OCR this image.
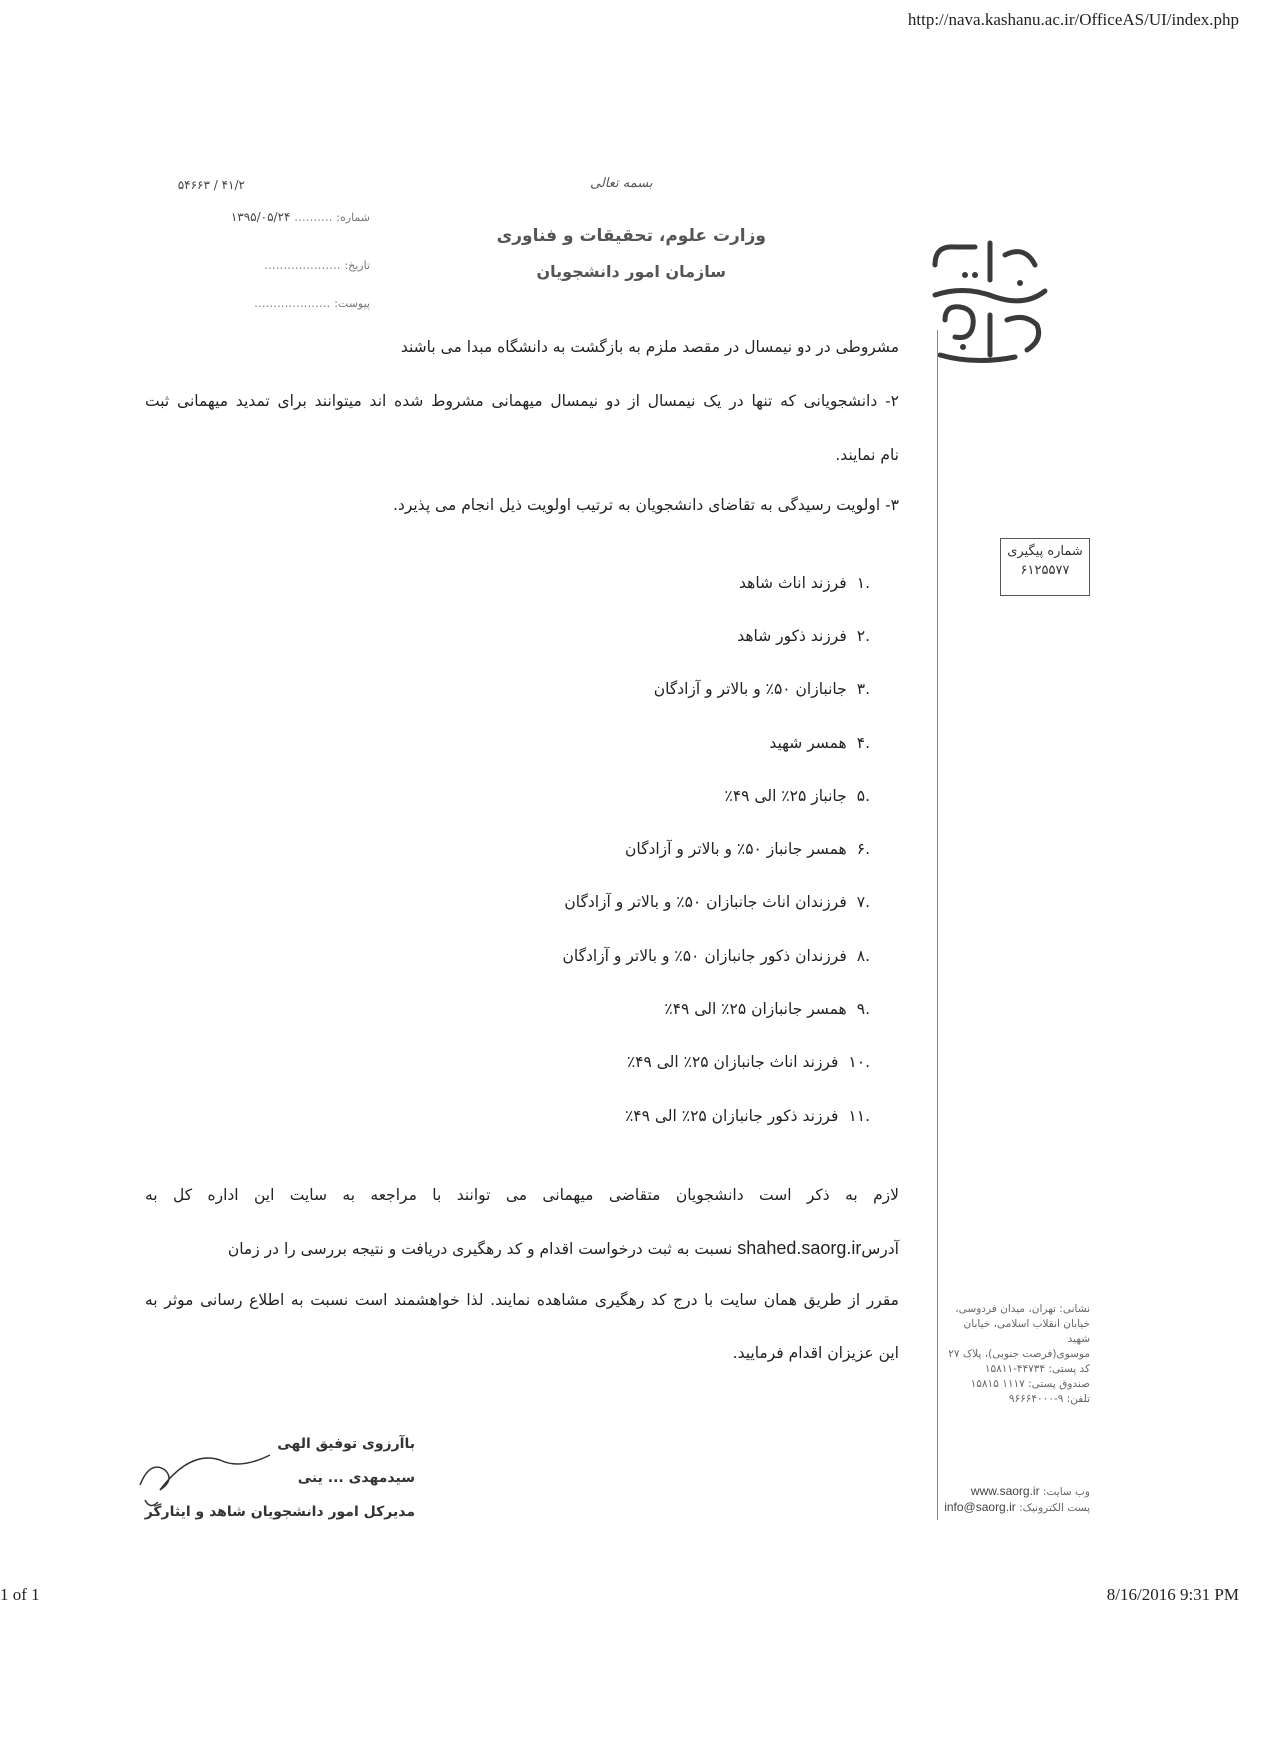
http://nava.kashanu.ac.ir/OfficeAS/UI/index.php
1 of 1	8/16/2016 9:31 PM
بسمه تعالی
وزارت علوم، تحقیقات و فناوری
سازمان امور دانشجویان
۴۱/۲ / ۵۴۶۶۳
شماره: .......... ۱۳۹۵/۰۵/۲۴
تاریخ: ....................
پیوست: ....................
مشروطی در دو نیمسال در مقصد ملزم به بازگشت به دانشگاه مبدا می باشند
۲- دانشجویانی که تنها در یک نیمسال از دو نیمسال میهمانی مشروط شده اند میتوانند برای تمدید میهمانی ثبت
نام نمایند.
۳- اولویت رسیدگی به تقاضای دانشجویان به ترتیب اولویت ذیل انجام می پذیرد.
.۱فرزند اناث شاهد
.۲فرزند ذکور شاهد
.۳جانبازان ۵۰٪ و بالاتر و آزادگان
.۴همسر شهید
.۵جانباز ۲۵٪ الی ۴۹٪
.۶همسر جانباز ۵۰٪ و بالاتر و آزادگان
.۷فرزندان اناث جانبازان ۵۰٪ و بالاتر و آزادگان
.۸فرزندان ذکور جانبازان ۵۰٪ و بالاتر و آزادگان
.۹همسر جانبازان ۲۵٪ الی ۴۹٪
.۱۰فرزند اناث جانبازان ۲۵٪ الی ۴۹٪
.۱۱فرزند ذکور جانبازان ۲۵٪ الی ۴۹٪
لازم به ذکر است دانشجویان متقاضی میهمانی می توانند با مراجعه به سایت این اداره کل به
آدرسshahed.saorg.ir نسبت به ثبت درخواست اقدام و کد رهگیری دریافت و نتیجه بررسی را در زمان
مقرر از طریق همان سایت با درج کد رهگیری مشاهده نمایند. لذا خواهشمند است نسبت به اطلاع رسانی موثر به
این عزیزان اقدام فرمایید.
شماره پیگیری
۶۱۲۵۵۷۷
نشانی: تهران، میدان فردوسی،
خیابان انقلاب اسلامی، خیابان شهید
موسوی(فرصت جنوبی)، پلاک ۲۷
کد پستی: ۴۴۷۳۴-۱۵۸۱۱
صندوق پستی: ۱۱۱۷ ۱۵۸۱۵
تلفن: ۹-۹۶۶۶۴۰۰۰
وب سایت: www.saorg.ir
پست الکترونیک: info@saorg.ir
باآرزوی توفیق الهی
سیدمهدی ... ینی
مدیرکل امور دانشجویان شاهد و ایثارگر
